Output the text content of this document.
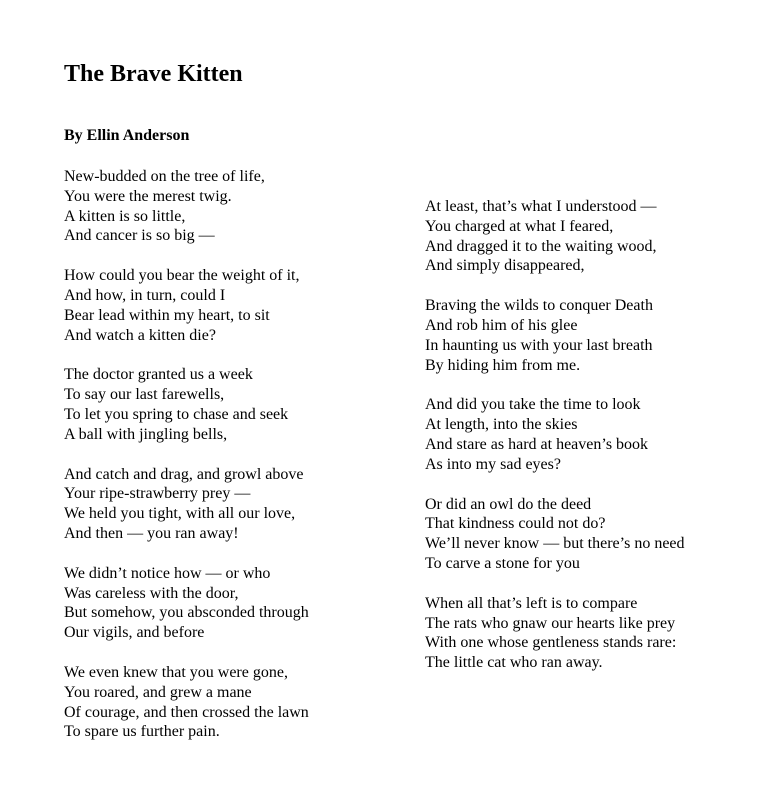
The Brave Kitten

By Ellin Anderson

New-budded on the tree of life,
You were the merest twig.
A kitten is so little,
And cancer is so big —
How could you bear the weight of it,
And how, in turn, could I
Bear lead within my heart, to sit
And watch a kitten die?
The doctor granted us a week
To say our last farewells,
To let you spring to chase and seek
A ball with jingling bells,
And catch and drag, and growl above
Your ripe-strawberry prey —
We held you tight, with all our love,
And then — you ran away!
We didn’t notice how — or who
Was careless with the door,
But somehow, you absconded through
Our vigils, and before
We even knew that you were gone,
You roared, and grew a mane
Of courage, and then crossed the lawn
To spare us further pain.
At least, that’s what I understood —
You charged at what I feared,
And dragged it to the waiting wood,
And simply disappeared,
Braving the wilds to conquer Death
And rob him of his glee
In haunting us with your last breath
By hiding him from me.
And did you take the time to look
At length, into the skies
And stare as hard at heaven’s book
As into my sad eyes?
Or did an owl do the deed
That kindness could not do?
We’ll never know — but there’s no need
To carve a stone for you
When all that’s left is to compare
The rats who gnaw our hearts like prey
With one whose gentleness stands rare:
The little cat who ran away.
